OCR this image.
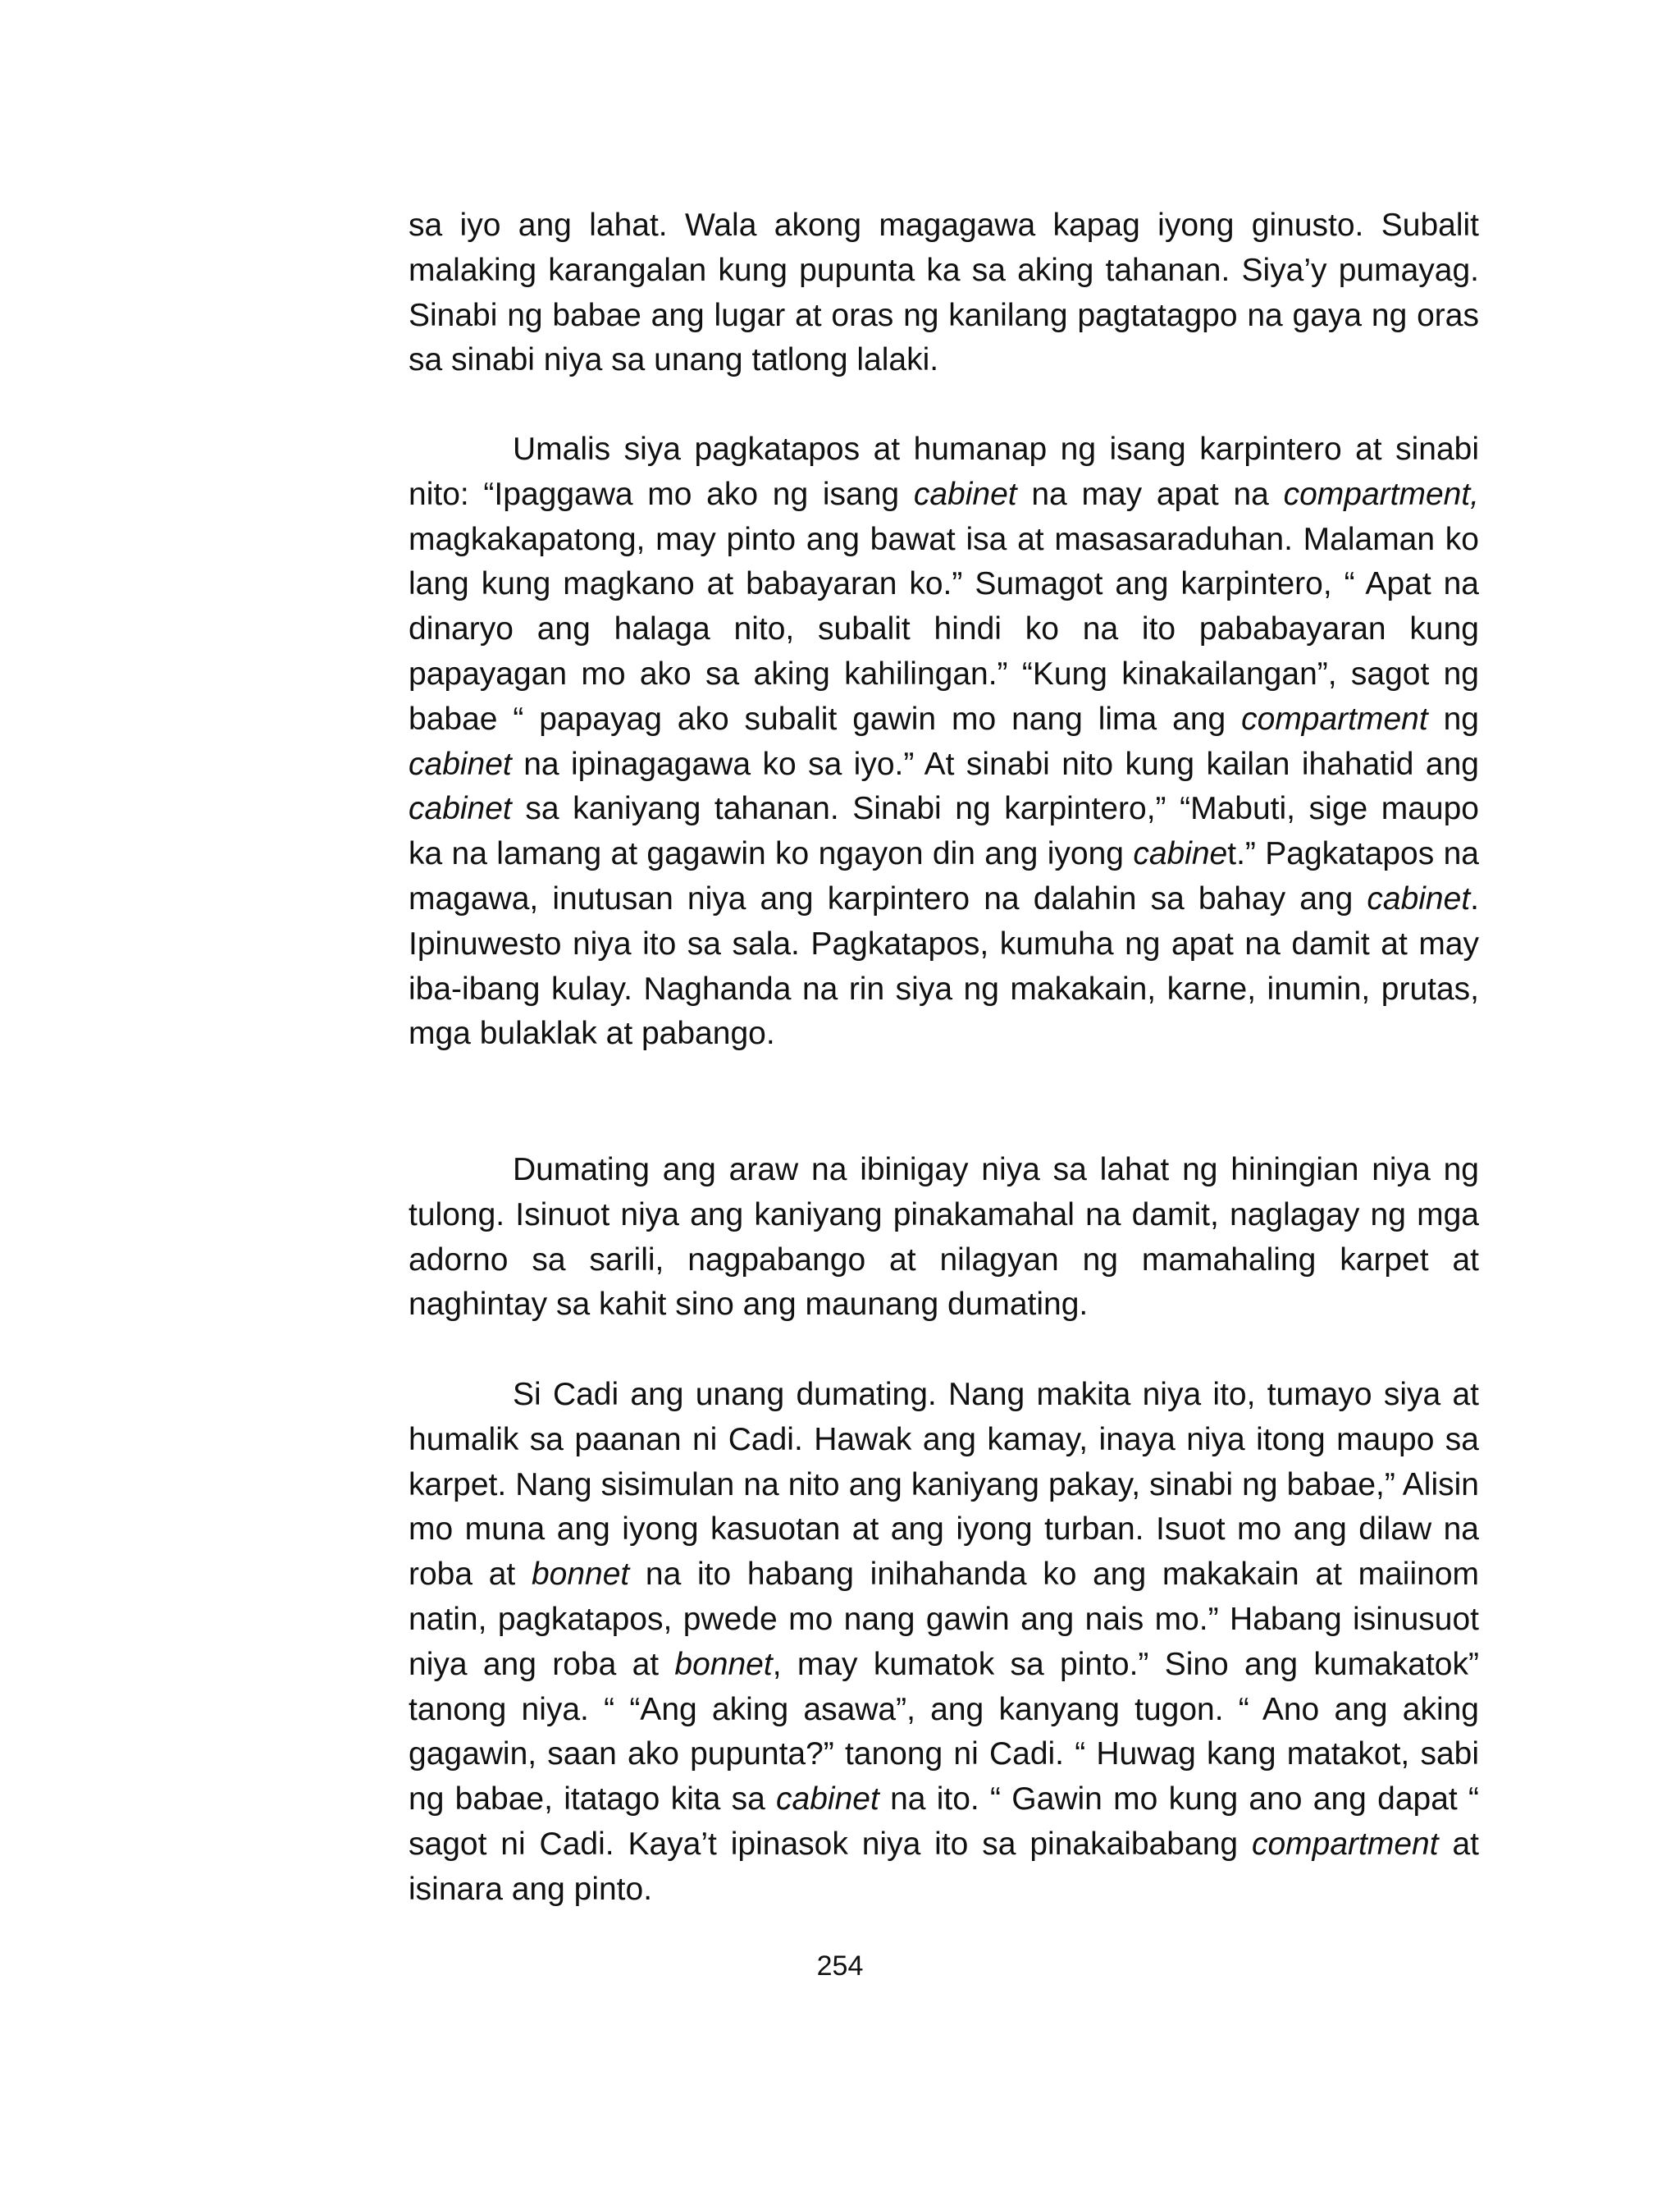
sa iyo ang lahat. Wala akong magagawa kapag iyong ginusto. Subalit malaking karangalan kung pupunta ka sa aking tahanan. Siya’y pumayag. Sinabi ng babae ang lugar at oras ng kanilang pagtatagpo na gaya ng oras sa sinabi niya sa unang tatlong lalaki.

Umalis siya pagkatapos at humanap ng isang karpintero at sinabi nito: “Ipaggawa mo ako ng isang cabinet na may apat na compartment, magkakapatong, may pinto ang bawat isa at masasaraduhan. Malaman ko lang kung magkano at babayaran ko.” Sumagot ang karpintero, “ Apat na dinaryo ang halaga nito, subalit hindi ko na ito pababayaran kung papayagan mo ako sa aking kahilingan.” “Kung kinakailangan”, sagot ng babae “ papayag ako subalit gawin mo nang lima ang compartment ng cabinet na ipinagagawa ko sa iyo.” At sinabi nito kung kailan ihahatid ang cabinet sa kaniyang tahanan. Sinabi ng karpintero,” “Mabuti, sige maupo ka na lamang at gagawin ko ngayon din ang iyong cabinet.” Pagkatapos na magawa, inutusan niya ang karpintero na dalahin sa bahay ang cabinet. Ipinuwesto niya ito sa sala. Pagkatapos, kumuha ng apat na damit at may iba-ibang kulay. Naghanda na rin siya ng makakain, karne, inumin, prutas, mga bulaklak at pabango.

Dumating ang araw na ibinigay niya sa lahat ng hiningian niya ng tulong. Isinuot niya ang kaniyang pinakamahal na damit, naglagay ng mga adorno sa sarili, nagpabango at nilagyan ng mamahaling karpet at naghintay sa kahit sino ang maunang dumating.

Si Cadi ang unang dumating. Nang makita niya ito, tumayo siya at humalik sa paanan ni Cadi. Hawak ang kamay, inaya niya itong maupo sa karpet. Nang sisimulan na nito ang kaniyang pakay, sinabi ng babae,” Alisin mo muna ang iyong kasuotan at ang iyong turban. Isuot mo ang dilaw na roba at bonnet na ito habang inihahanda ko ang makakain at maiinom natin, pagkatapos, pwede mo nang gawin ang nais mo.” Habang isinusuot niya ang roba at bonnet, may kumatok sa pinto.” Sino ang kumakatok” tanong niya. “ “Ang aking asawa”, ang kanyang tugon. “ Ano ang aking gagawin, saan ako pupunta?” tanong ni Cadi. “ Huwag kang matakot, sabi ng babae, itatago kita sa cabinet na ito. “ Gawin mo kung ano ang dapat “ sagot ni Cadi. Kaya’t ipinasok niya ito sa pinakaibabang compartment at isinara ang pinto.

254
